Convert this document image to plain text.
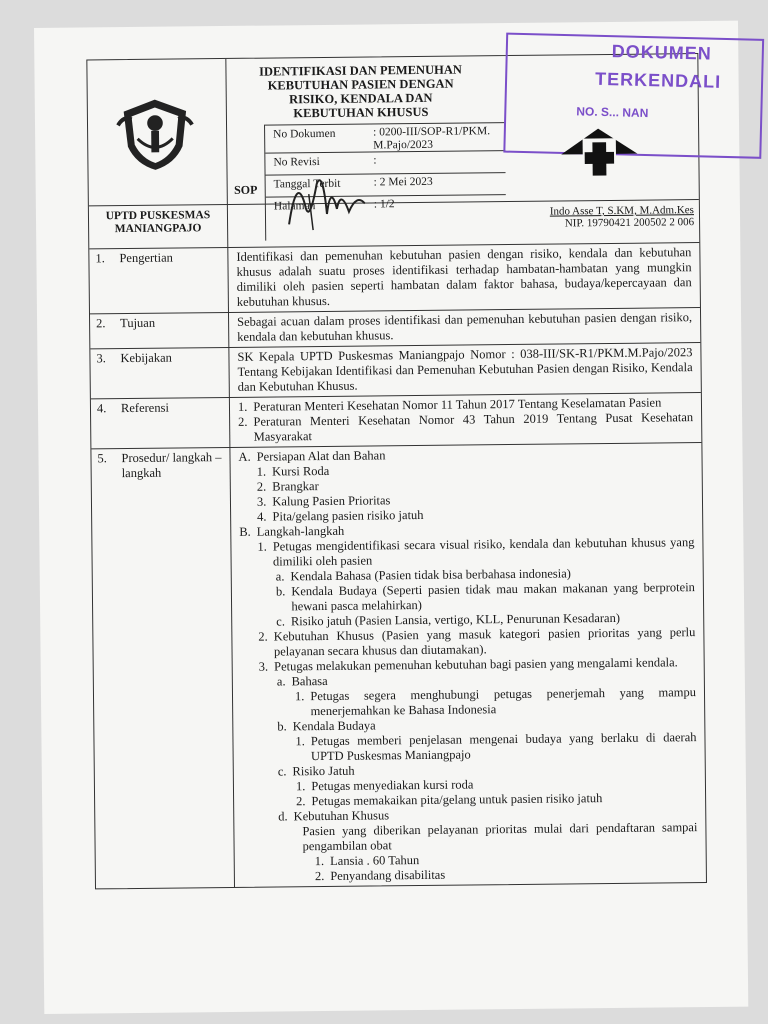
UPTD PUSKESMAS MANIANGPAJO
IDENTIFIKASI DAN PEMENUHAN
KEBUTUHAN PASIEN DENGAN
RISIKO, KENDALA DAN
KEBUTUHAN KHUSUS
SOP
No Dokumen	: 0200-III/SOP-R1/PKM. M.Pajo/2023
No Revisi	:
Tanggal Terbit	: 2 Mei 2023
Halaman	: 1/2	Indo Asse T, S.KM, M.Adm.Kes
NIP. 19790421 200502 2 006
1.	Pengertian	Identifikasi dan pemenuhan kebutuhan pasien dengan risiko, kendala dan kebutuhan khusus adalah suatu proses identifikasi terhadap hambatan-hambatan yang mungkin dimiliki oleh pasien seperti hambatan dalam faktor bahasa, budaya/kepercayaan dan kebutuhan khusus.
2.	Tujuan	Sebagai acuan dalam proses identifikasi dan pemenuhan kebutuhan pasien dengan risiko, kendala dan kebutuhan khusus.
3.	Kebijakan	SK Kepala UPTD Puskesmas Maniangpajo Nomor : 038-III/SK-R1/PKM.M.Pajo/2023 Tentang Kebijakan Identifikasi dan Pemenuhan Kebutuhan Pasien dengan Risiko, Kendala dan Kebutuhan Khusus.
4.	Referensi	1. Peraturan Menteri Kesehatan Nomor 11 Tahun 2017 Tentang Keselamatan Pasien
2. Peraturan Menteri Kesehatan Nomor 43 Tahun 2019 Tentang Pusat Kesehatan Masyarakat
5.	Prosedur/ langkah – langkah
A. Persiapan Alat dan Bahan
1. Kursi Roda
2. Brangkar
3. Kalung Pasien Prioritas
4. Pita/gelang pasien risiko jatuh
B. Langkah-langkah
1. Petugas mengidentifikasi secara visual risiko, kendala dan kebutuhan khusus yang dimiliki oleh pasien
a. Kendala Bahasa (Pasien tidak bisa berbahasa indonesia)
b. Kendala Budaya (Seperti pasien tidak mau makan makanan yang berprotein hewani pasca melahirkan)
c. Risiko jatuh (Pasien Lansia, vertigo, KLL, Penurunan Kesadaran)
2. Kebutuhan Khusus (Pasien yang masuk kategori pasien prioritas yang perlu pelayanan secara khusus dan diutamakan).
3. Petugas melakukan pemenuhan kebutuhan bagi pasien yang mengalami kendala.
a. Bahasa
1. Petugas segera menghubungi petugas penerjemah yang mampu menerjemahkan ke Bahasa Indonesia
b. Kendala Budaya
1. Petugas memberi penjelasan mengenai budaya yang berlaku di daerah UPTD Puskesmas Maniangpajo
c. Risiko Jatuh
1. Petugas menyediakan kursi roda
2. Petugas memakaikan pita/gelang untuk pasien risiko jatuh
d. Kebutuhan Khusus
Pasien yang diberikan pelayanan prioritas mulai dari pendaftaran sampai pengambilan obat
1. Lansia . 60 Tahun
2. Penyandang disabilitas
DOKUMEN
TERKENDALI
NO. S... NAN
